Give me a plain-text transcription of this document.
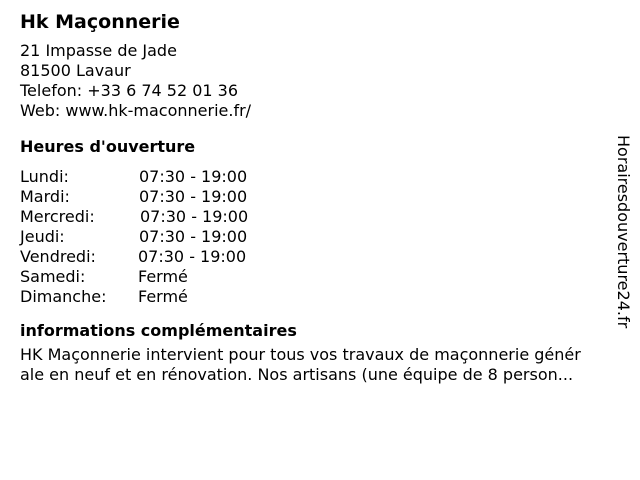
Hk Maçonnerie
21 Impasse de Jade
81500 Lavaur
Telefon: +33 6 74 52 01 36
Web: www.hk-maconnerie.fr/
Heures d'ouverture
Lundi:	07:30 - 19:00
Mardi:	07:30 - 19:00
Mercredi:	07:30 - 19:00
Jeudi:	07:30 - 19:00
Vendredi:	07:30 - 19:00
Samedi:	Fermé
Dimanche: Fermé
informations complémentaires
HK Maçonnerie intervient pour tous vos travaux de maçonnerie génér
ale en neuf et en rénovation. Nos artisans (une équipe de 8 person...
Horairesdouverture24.fr
